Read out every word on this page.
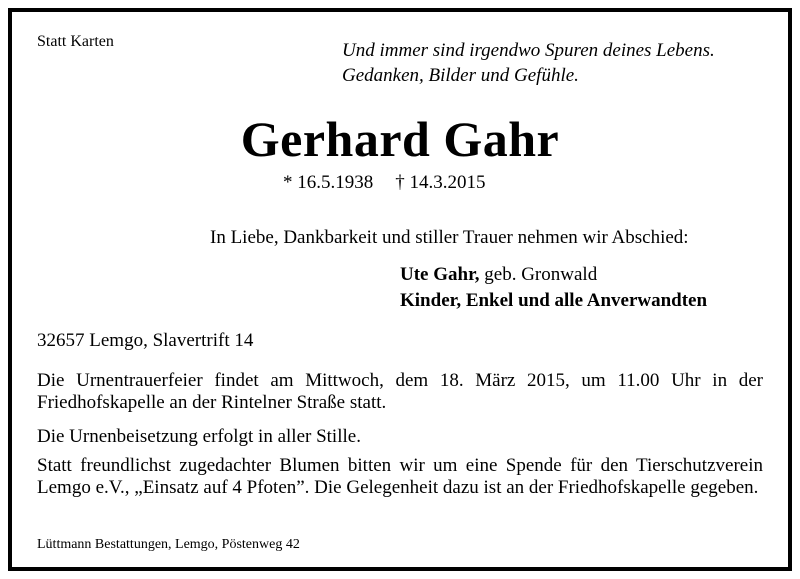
Statt Karten	Und immer sind irgendwo Spuren deines Lebens.
Gedanken, Bilder und Gefühle.
Gerhard Gahr
* 16.5.1938 † 14.3.2015
In Liebe, Dankbarkeit und stiller Trauer nehmen wir Abschied:
Ute Gahr, geb. Gronwald
Kinder, Enkel und alle Anverwandten
32657 Lemgo, Slavertrift 14
Die Urnentrauerfeier findet am Mittwoch, dem 18. März 2015, um 11.00 Uhr in der Friedhofskapelle an der Rintelner Straße statt.
Die Urnenbeisetzung erfolgt in aller Stille.
Statt freundlichst zugedachter Blumen bitten wir um eine Spende für den Tierschutzverein Lemgo e.V., „Einsatz auf 4 Pfoten”. Die Gelegenheit dazu ist an der Friedhofskapelle gegeben.
Lüttmann Bestattungen, Lemgo, Pöstenweg 42
